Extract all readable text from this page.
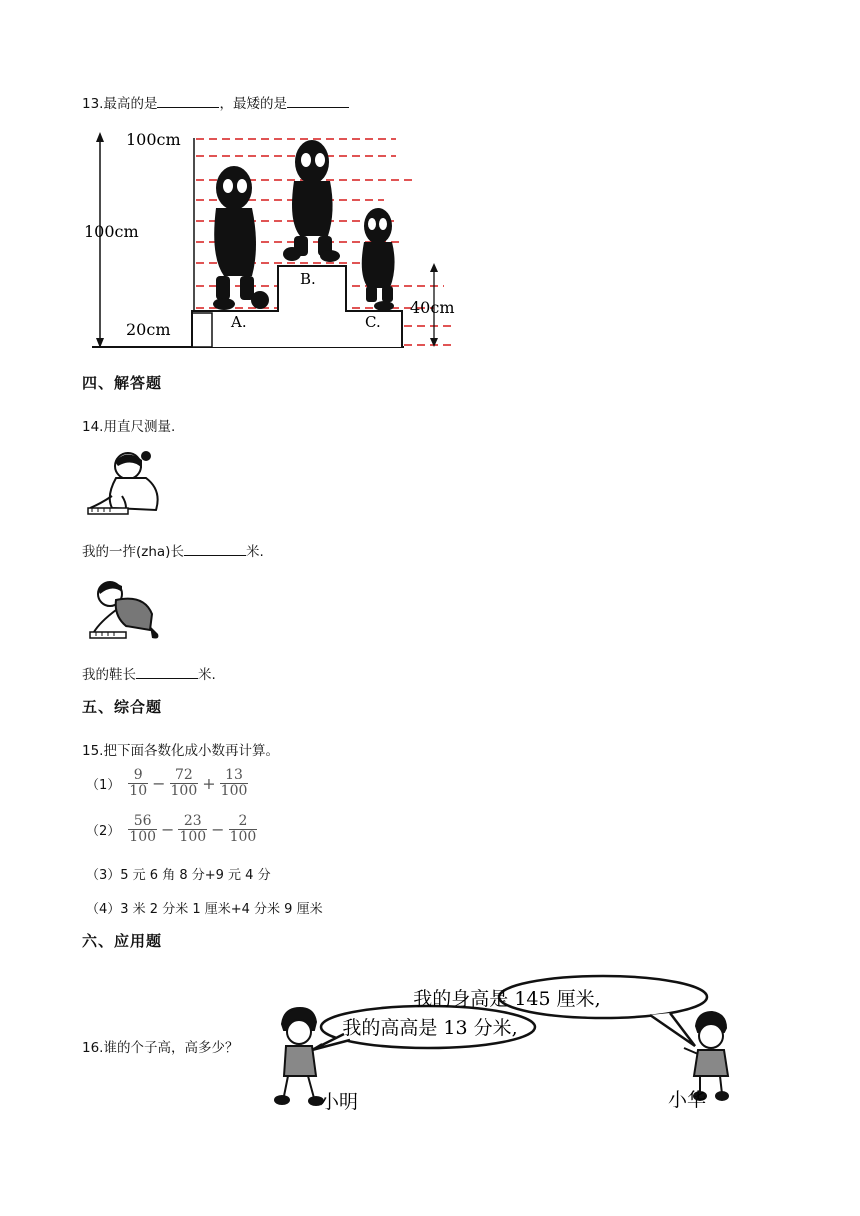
13.最高的是	，最矮的是
100cm
100cm
20cm
40cm
A.
B.
C.
四、解答题
14.用直尺测量.
我的一拃(zha)长	米.
我的鞋长	米.
五、综合题
15.把下面各数化成小数再计算。
$(1) \frac{9}{10} - \frac{72}{100} + \frac{13}{100}$
$(2) \frac{56}{100} - \frac{23}{100} - \frac{2}{100}$
（3）5 元 6 角 8 分+9 元 4 分
（4）3 米 2 分米 1 厘米+4 分米 9 厘米
六、应用题
16.谁的个子高，高多少？
我的身高是 145 厘米,
我的高高是 13 分米,
小明	小华
